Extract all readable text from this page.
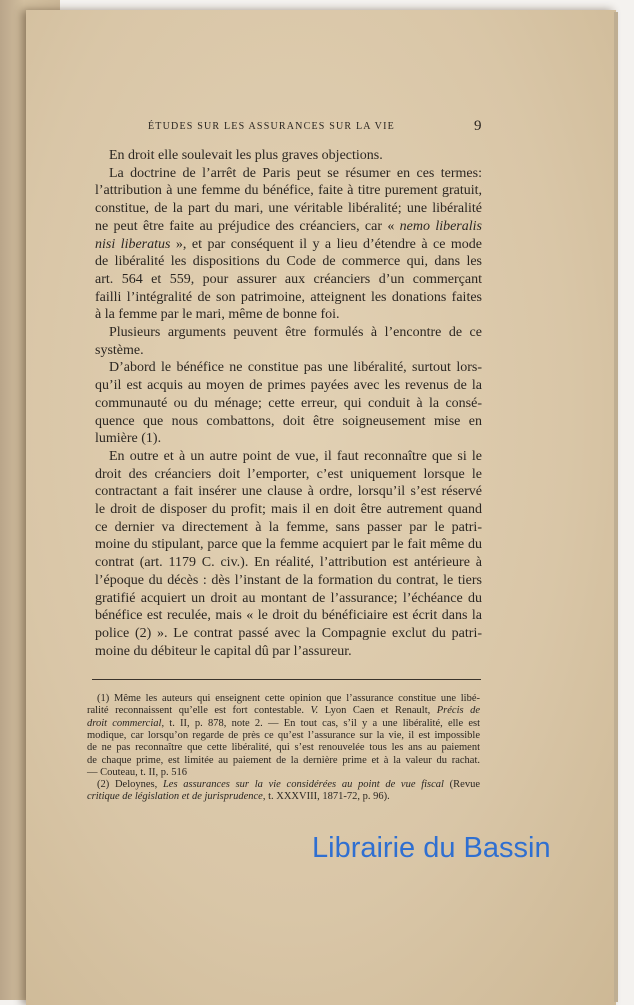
ÉTUDES SUR LES ASSURANCES SUR LA VIE	9
En droit elle soulevait les plus graves objections.
La doctrine de l’arrêt de Paris peut se résumer en ces termes:
l’attribution à une femme du bénéfice, faite à titre purement gratuit,
constitue, de la part du mari, une véritable libéralité; une libéralité
ne peut être faite au préjudice des créanciers, car « nemo liberalis
nisi liberatus », et par conséquent il y a lieu d’étendre à ce mode
de libéralité les dispositions du Code de commerce qui, dans les
art. 564 et 559, pour assurer aux créanciers d’un commerçant
failli l’intégralité de son patrimoine, atteignent les donations faites
à la femme par le mari, même de bonne foi.
Plusieurs arguments peuvent être formulés à l’encontre de ce
système.
D’abord le bénéfice ne constitue pas une libéralité, surtout lors-
qu’il est acquis au moyen de primes payées avec les revenus de la
communauté ou du ménage; cette erreur, qui conduit à la consé-
quence que nous combattons, doit être soigneusement mise en
lumière (1).
En outre et à un autre point de vue, il faut reconnaître que si le
droit des créanciers doit l’emporter, c’est uniquement lorsque le
contractant a fait insérer une clause à ordre, lorsqu’il s’est réservé
le droit de disposer du profit; mais il en doit être autrement quand
ce dernier va directement à la femme, sans passer par le patri-
moine du stipulant, parce que la femme acquiert par le fait même du
contrat (art. 1179 C. civ.). En réalité, l’attribution est antérieure à
l’époque du décès : dès l’instant de la formation du contrat, le tiers
gratifié acquiert un droit au montant de l’assurance; l’échéance du
bénéfice est reculée, mais « le droit du bénéficiaire est écrit dans la
police (2) ». Le contrat passé avec la Compagnie exclut du patri-
moine du débiteur le capital dû par l’assureur.
(1) Même les auteurs qui enseignent cette opinion que l’assurance constitue une libé-
ralité reconnaissent qu’elle est fort contestable. V. Lyon Caen et Renault, Précis de
droit commercial, t. II, p. 878, note 2. — En tout cas, s’il y a une libéralité, elle est
modique, car lorsqu’on regarde de près ce qu’est l’assurance sur la vie, il est impossible
de ne pas reconnaître que cette libéralité, qui s’est renouvelée tous les ans au paiement
de chaque prime, est limitée au paiement de la dernière prime et à la valeur du rachat.
— Couteau, t. II, p. 516
(2) Deloynes, Les assurances sur la vie considérées au point de vue fiscal (Revue
critique de législation et de jurisprudence, t. XXXVIII, 1871-72, p. 96).
Librairie du Bassin
